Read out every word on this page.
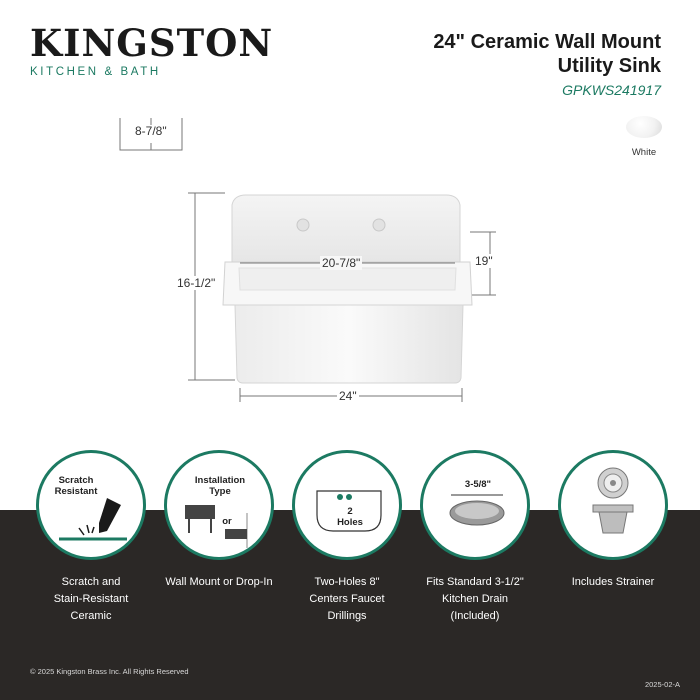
KINGSTON
KITCHEN & BATH
24" Ceramic Wall Mount
Utility Sink
GPKWS241917
White
8-7/8"
20-7/8"	19"
16-1/2"
24"
Scratch
Resistant
Scratch and
Stain-Resistant
Ceramic
Installation
Type
or
Wall Mount or Drop-In
2
Holes
Two-Holes 8"
Centers Faucet
Drillings
3-5/8"
Fits Standard 3-1/2"
Kitchen Drain
(Included)
Includes Strainer
© 2025 Kingston Brass Inc. All Rights Reserved
2025-02-A
